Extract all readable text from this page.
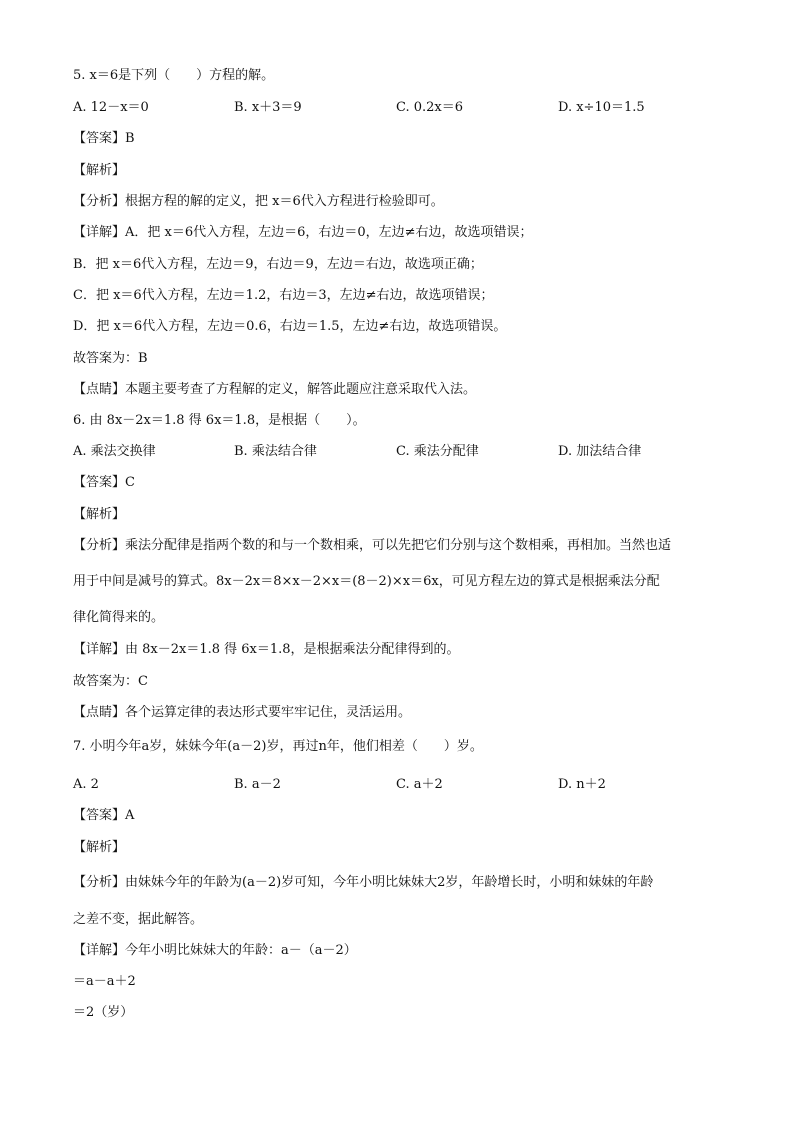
5. x＝6是下列（　　）方程的解。
A. 12－x＝0	B. x＋3＝9	C. 0.2x＝6	D. x÷10＝1.5
【答案】B
【解析】
【分析】根据方程的解的定义，把 x＝6代入方程进行检验即可。
【详解】A．把 x＝6代入方程，左边＝6，右边＝0，左边≠右边，故选项错误；
B．把 x＝6代入方程，左边＝9，右边＝9，左边＝右边，故选项正确；
C．把 x＝6代入方程，左边＝1.2，右边＝3，左边≠右边，故选项错误；
D．把 x＝6代入方程，左边＝0.6，右边＝1.5，左边≠右边，故选项错误。
故答案为：B
【点睛】本题主要考查了方程解的定义，解答此题应注意采取代入法。
6. 由 8x－2x＝1.8 得 6x＝1.8，是根据（　　）。
A. 乘法交换律	B. 乘法结合律	C. 乘法分配律	D. 加法结合律
【答案】C
【解析】
【分析】乘法分配律是指两个数的和与一个数相乘，可以先把它们分别与这个数相乘，再相加。当然也适
用于中间是减号的算式。8x－2x＝8×x－2×x＝(8－2)×x＝6x，可见方程左边的算式是根据乘法分配
律化简得来的。
【详解】由 8x－2x＝1.8 得 6x＝1.8，是根据乘法分配律得到的。
故答案为：C
【点睛】各个运算定律的表达形式要牢牢记住，灵活运用。
7. 小明今年a岁，妹妹今年(a－2)岁，再过n年，他们相差（　　）岁。
A. 2	B. a－2	C. a＋2	D. n＋2
【答案】A
【解析】
【分析】由妹妹今年的年龄为(a－2)岁可知，今年小明比妹妹大2岁，年龄增长时，小明和妹妹的年龄
之差不变，据此解答。
【详解】今年小明比妹妹大的年龄：a－（a－2）
＝a－a＋2
＝2（岁）
